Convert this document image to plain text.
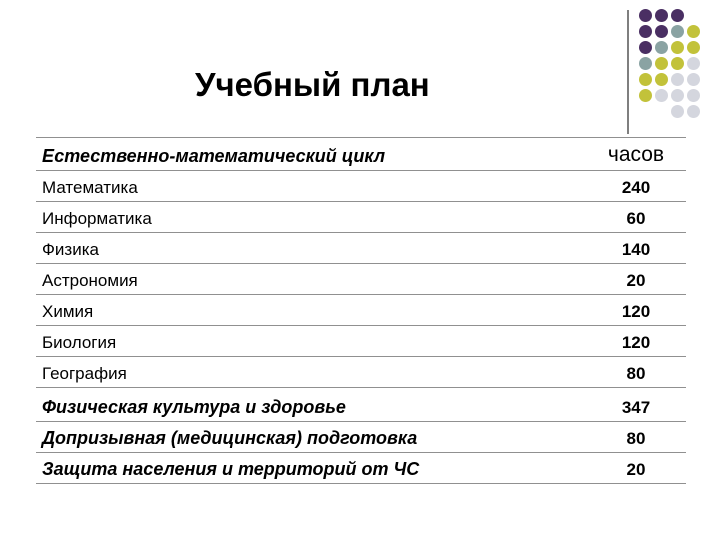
Учебный план
Естественно-математический цикл	часов
Математика	240
Информатика	60
Физика	140
Астрономия	20
Химия	120
Биология	120
География	80
Физическая культура и здоровье	347
Допризывная (медицинская) подготовка	80
Защита населения и территорий от ЧС	20
